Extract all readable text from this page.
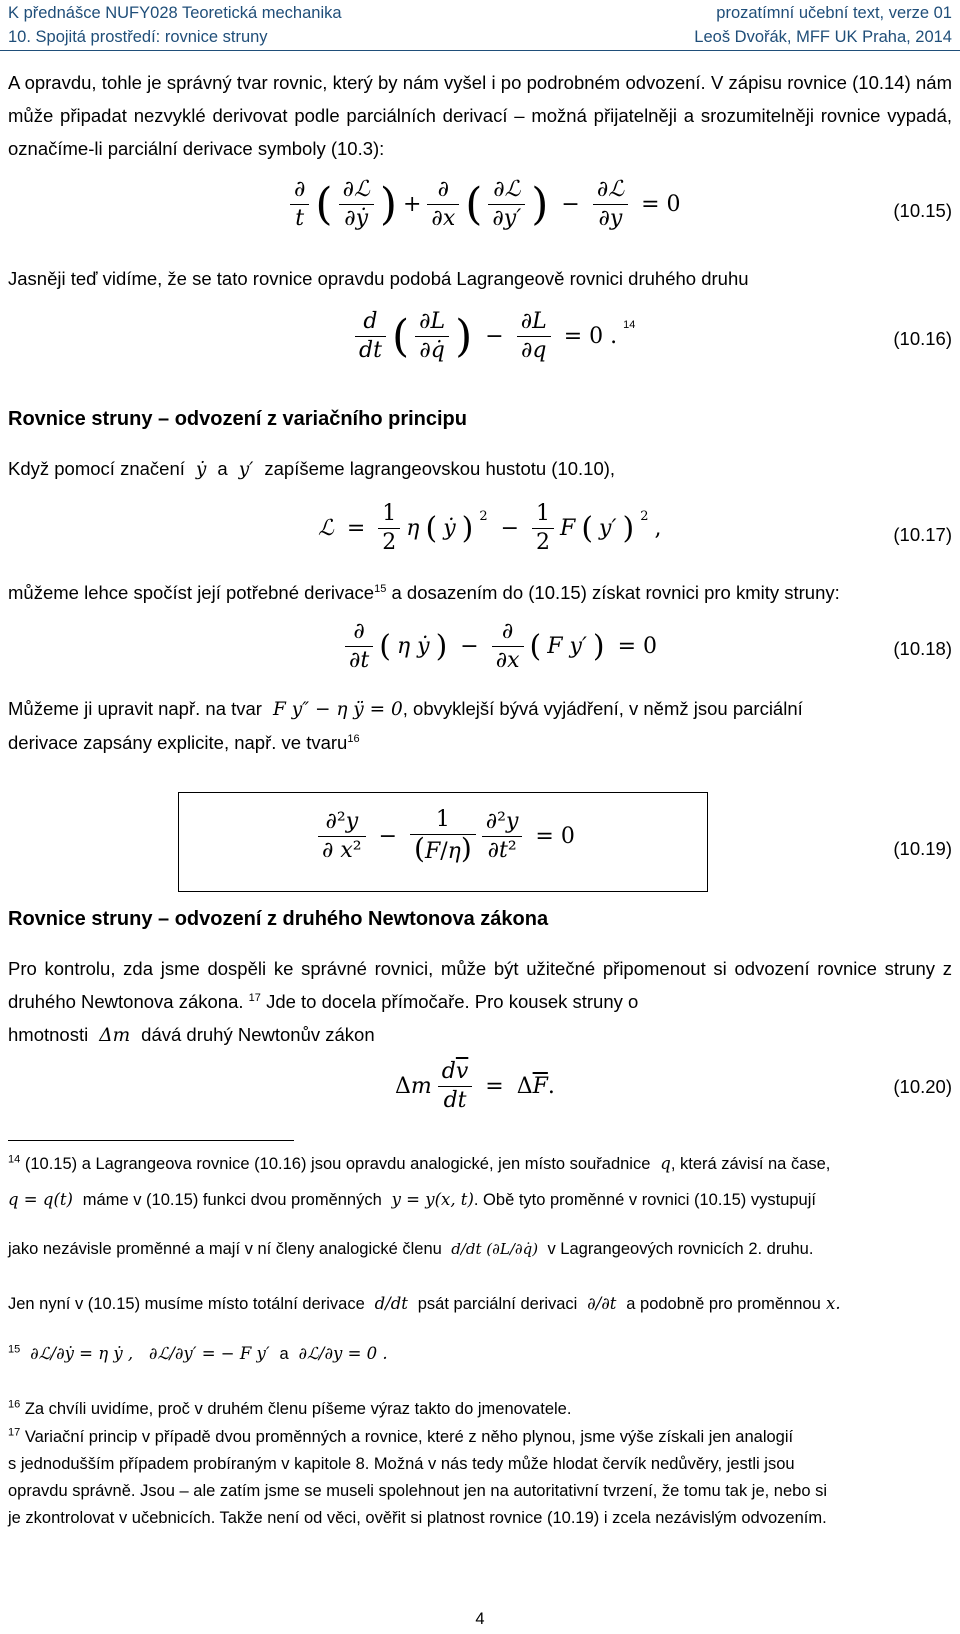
K přednášce NUFY028 Teoretická mechanika
10. Spojitá prostředí: rovnice struny
prozatímní učební text, verze 01
Leoš Dvořák, MFF UK Praha, 2014
A opravdu, tohle je správný tvar rovnic, který by nám vyšel i po podrobném odvození. V zápisu rovnice (10.14) nám může připadat nezvyklé derivovat podle parciálních derivací – možná přijatelněji a srozumitelněji rovnice vypadá, označíme-li parciální derivace symboly (10.3):
$\frac{\partial}{t}$ ( $\frac{\text{∂ℒ}}{\text{∂ẏ}}$ ) + $\frac{\partial}{\partial x}$ ( $\frac{\text{∂ℒ}}{\partial y'}$ ) − $\frac{\text{∂ℒ}}{\partial y} = 0$	(10.15)
Jasněji teď vidíme, že se tato rovnice opravdu podobá Lagrangeově rovnici druhého druhu
$\frac{d}{dt}$ ( $\frac{\partial L}{\partial q̇}$ ) − $\frac{\partial L}{\partial q} = 0$ . $^{14}$
(10.16)
Rovnice struny – odvození z variačního principu
Když pomocí značení  ẏ  a  y′  zapíšeme lagrangeovskou hustotu (10.10),
ℒ = $\frac{1}{2}$ η ( ẏ ) $^2 - \frac{1}{2}$ F ( y′ ) $^2$ ,	(10.17)
můžeme lehce spočíst její potřebné derivace$^{15}$ a dosazením do (10.15) získat rovnici pro kmity struny:
$\frac{\partial}{\partial t}$ ( η ẏ ) − $\frac{\partial}{\partial x}$ ( F y′ ) = 0	(10.18)
Můžeme ji upravit např. na tvar  F y″ − η ÿ = 0, obvyklejší bývá vyjádření, v němž jsou parciální
derivace zapsány explicite, např. ve tvaru$^{16}$
$\frac{\text{∂²y}}{\text{∂ x²}} - \frac{1}{(F/\eta)} \frac{\text{∂²y}}{\text{∂t²}} = 0$	(10.19)
Rovnice struny – odvození z druhého Newtonova zákona
Pro kontrolu, zda jsme dospěli ke správné rovnici, může být užitečné připomenout si odvození rovnice struny z druhého Newtonova zákona. $^{17}$ Jde to docela přímočaře. Pro kousek struny o
hmotnosti  Δm  dává druhý Newtonův zákon
Δm $\frac{d\overline{v}}{dt} = \Delta\overline{F}$.	(10.20)
$^{14}$ (10.15) a Lagrangeova rovnice (10.16) jsou opravdu analogické, jen místo souřadnice  q, která závisí na čase,
q = q(t)  máme v (10.15) funkci dvou proměnných  y = y(x, t). Obě tyto proměnné v rovnici (10.15) vystupují
jako nezávisle proměnné a mají v ní členy analogické členu  d/dt (∂L/∂q̇)  v Lagrangeových rovnicích 2. druhu.
Jen nyní v (10.15) musíme místo totální derivace  d/dt  psát parciální derivaci  ∂/∂t  a podobně pro proměnnou x.
$^{15}$  ∂ℒ/∂ẏ = η ẏ ,   ∂ℒ/∂y′ = − F y′  a  ∂ℒ/∂y = 0 .
$^{16}$ Za chvíli uvidíme, proč v druhém členu píšeme výraz takto do jmenovatele.
$^{17}$ Variační princip v případě dvou proměnných a rovnice, které z něho plynou, jsme výše získali jen analogií
s jednodušším případem probíraným v kapitole 8. Možná v nás tedy může hlodat červík nedůvěry, jestli jsou
opravdu správně. Jsou – ale zatím jsme se museli spolehnout jen na autoritativní tvrzení, že tomu tak je, nebo si
je zkontrolovat v učebnicích. Takže není od věci, ověřit si platnost rovnice (10.19) i zcela nezávislým odvozením.
4
